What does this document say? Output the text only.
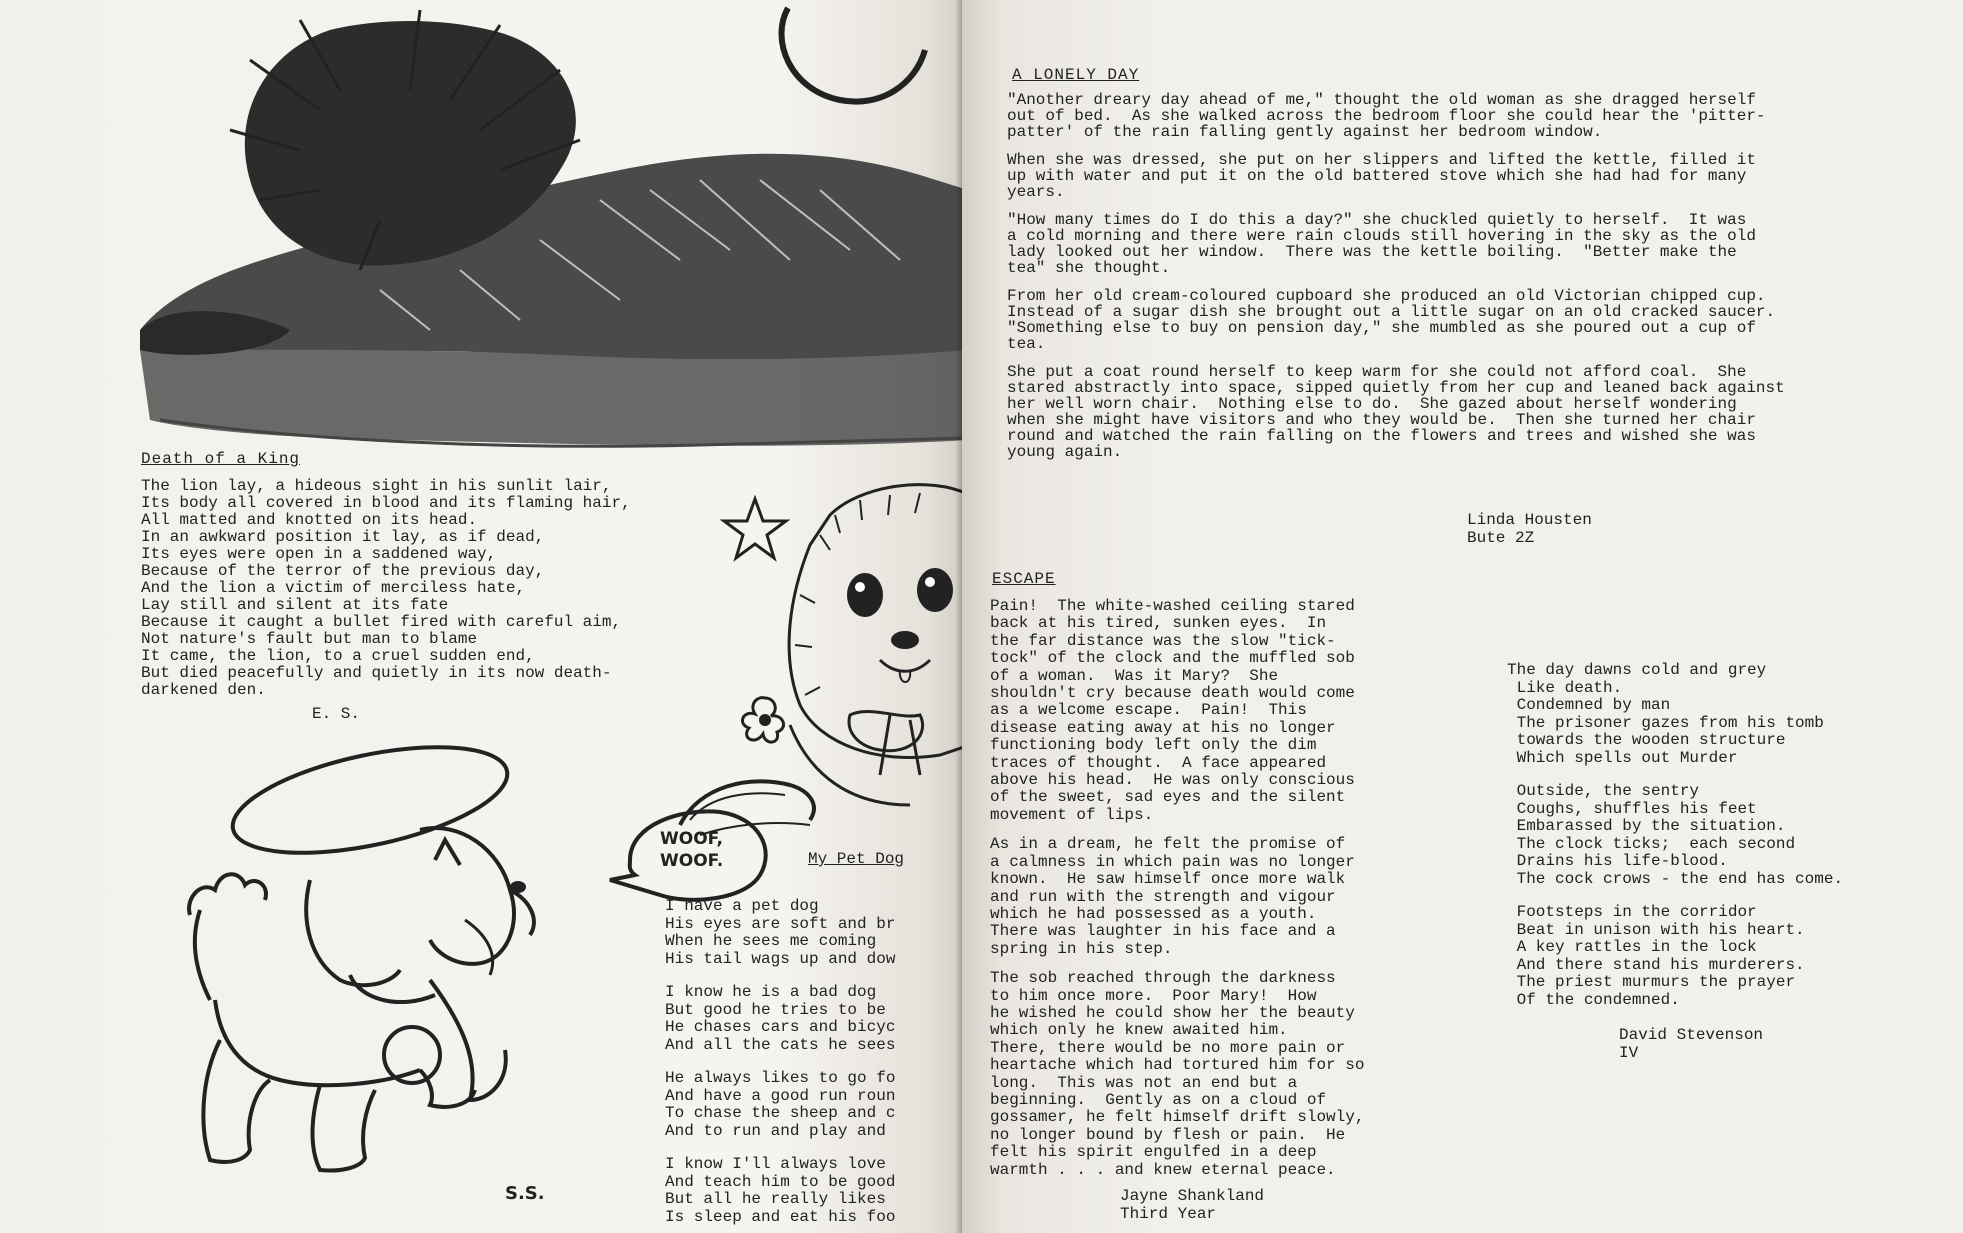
Death of a King

The lion lay, a hideous sight in his sunlit lair,
Its body all covered in blood and its flaming hair,
All matted and knotted on its head.
In an awkward position it lay, as if dead,
Its eyes were open in a saddened way,
Because of the terror of the previous day,
And the lion a victim of merciless hate,
Lay still and silent at its fate
Because it caught a bullet fired with careful aim,
Not nature's fault but man to blame
It came, the lion, to a cruel sudden end,
But died peacefully and quietly in its now death-
darkened den.

E. S.

WOOF,
WOOF.

S.S.

My Pet Dog

I have a pet dog
His eyes are soft and br
When he sees me coming
His tail wags up and dow
I know he is a bad dog
But good he tries to be
He chases cars and bicyc
And all the cats he sees
He always likes to go fo
And have a good run roun
To chase the sheep and c
And to run and play and
I know I'll always love
And teach him to be good
But all he really likes
Is sleep and eat his foo

A LONELY DAY

"Another dreary day ahead of me," thought the old woman as she dragged herself
out of bed.  As she walked across the bedroom floor she could hear the 'pitter-
patter' of the rain falling gently against her bedroom window.
When she was dressed, she put on her slippers and lifted the kettle, filled it
up with water and put it on the old battered stove which she had had for many
years.
"How many times do I do this a day?" she chuckled quietly to herself.  It was
a cold morning and there were rain clouds still hovering in the sky as the old
lady looked out her window.  There was the kettle boiling.  "Better make the
tea" she thought.
From her old cream-coloured cupboard she produced an old Victorian chipped cup.
Instead of a sugar dish she brought out a little sugar on an old cracked saucer.
"Something else to buy on pension day," she mumbled as she poured out a cup of
tea.
She put a coat round herself to keep warm for she could not afford coal.  She
stared abstractly into space, sipped quietly from her cup and leaned back against
her well worn chair.  Nothing else to do.  She gazed about herself wondering
when she might have visitors and who they would be.  Then she turned her chair
round and watched the rain falling on the flowers and trees and wished she was
young again.

Linda Housten

Bute 2Z

ESCAPE

Pain!  The white-washed ceiling stared
back at his tired, sunken eyes.  In
the far distance was the slow "tick-
tock" of the clock and the muffled sob
of a woman.  Was it Mary?  She
shouldn't cry because death would come
as a welcome escape.  Pain!  This
disease eating away at his no longer
functioning body left only the dim
traces of thought.  A face appeared
above his head.  He was only conscious
of the sweet, sad eyes and the silent
movement of lips.
As in a dream, he felt the promise of
a calmness in which pain was no longer
known.  He saw himself once more walk
and run with the strength and vigour
which he had possessed as a youth.
There was laughter in his face and a
spring in his step.
The sob reached through the darkness
to him once more.  Poor Mary!  How
he wished he could show her the beauty
which only he knew awaited him.
There, there would be no more pain or
heartache which had tortured him for so
long.  This was not an end but a
beginning.  Gently as on a cloud of
gossamer, he felt himself drift slowly,
no longer bound by flesh or pain.  He
felt his spirit engulfed in a deep
warmth . . . and knew eternal peace.

Jayne Shankland

Third Year

The day dawns cold and grey
Like death.
Condemned by man
The prisoner gazes from his tomb
towards the wooden structure
Which spells out Murder
Outside, the sentry
Coughs, shuffles his feet
Embarassed by the situation.
The clock ticks;  each second
Drains his life-blood.
The cock crows - the end has come.
Footsteps in the corridor
Beat in unison with his heart.
A key rattles in the lock
And there stand his murderers.
The priest murmurs the prayer
Of the condemned.

David Stevenson

IV
